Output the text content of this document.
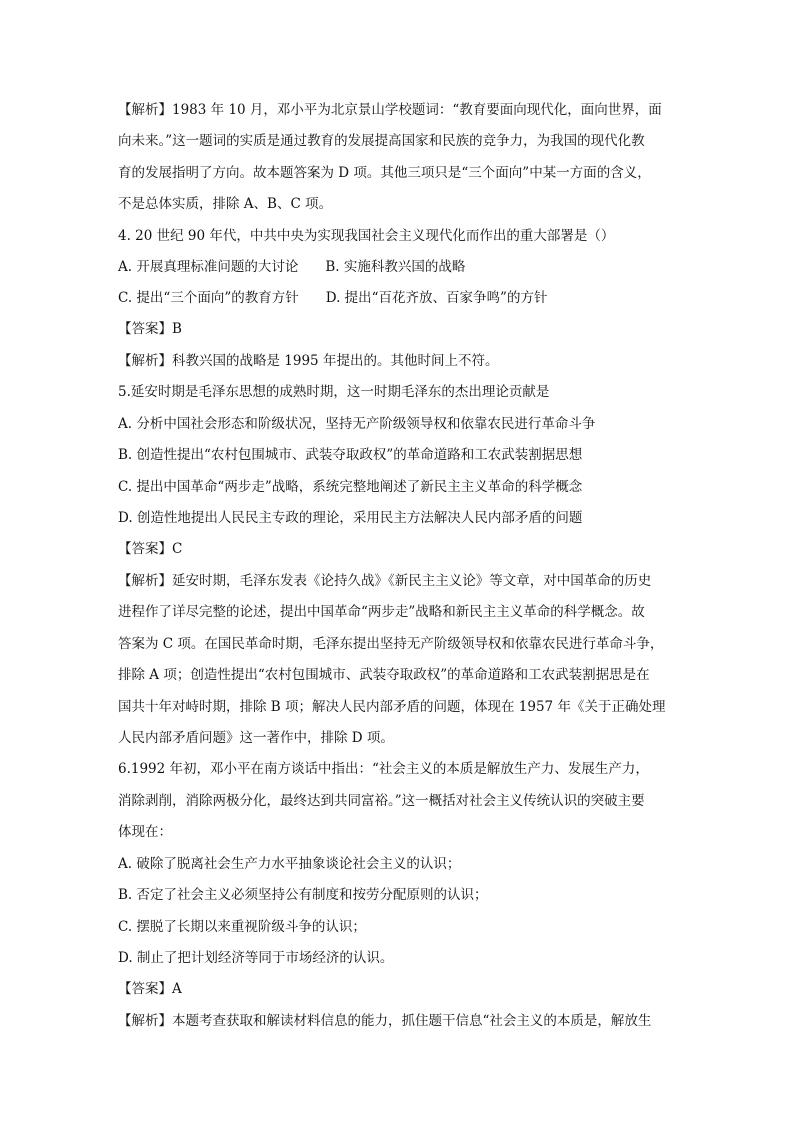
【解析】1983 年 10 月，邓小平为北京景山学校题词：“教育要面向现代化，面向世界，面
向未来。”这一题词的实质是通过教育的发展提高国家和民族的竞争力，为我国的现代化教
育的发展指明了方向。故本题答案为 D 项。其他三项只是“三个面向”中某一方面的含义，
不是总体实质，排除 A、B、C 项。
4. 20 世纪 90 年代，中共中央为实现我国社会主义现代化而作出的重大部署是（）
A. 开展真理标准问题的大讨论　　B. 实施科教兴国的战略
C. 提出“三个面向”的教育方针　　D. 提出“百花齐放、百家争鸣”的方针
【答案】B
【解析】科教兴国的战略是 1995 年提出的。其他时间上不符。
5.延安时期是毛泽东思想的成熟时期，这一时期毛泽东的杰出理论贡献是
A. 分析中国社会形态和阶级状况，坚持无产阶级领导权和依靠农民进行革命斗争
B. 创造性提出“农村包围城市、武装夺取政权”的革命道路和工农武装割据思想
C. 提出中国革命“两步走”战略，系统完整地阐述了新民主主义革命的科学概念
D. 创造性地提出人民民主专政的理论，采用民主方法解决人民内部矛盾的问题
【答案】C
【解析】延安时期，毛泽东发表《论持久战》《新民主主义论》等文章，对中国革命的历史
进程作了详尽完整的论述，提出中国革命“两步走”战略和新民主主义革命的科学概念。故
答案为 C 项。在国民革命时期，毛泽东提出坚持无产阶级领导权和依靠农民进行革命斗争，
排除 A 项；创造性提出“农村包围城市、武装夺取政权”的革命道路和工农武装割据思是在
国共十年对峙时期，排除 B 项；解决人民内部矛盾的问题，体现在 1957 年《关于正确处理
人民内部矛盾问题》这一著作中，排除 D 项。
6.1992 年初，邓小平在南方谈话中指出：“社会主义的本质是解放生产力、发展生产力，
消除剥削，消除两极分化，最终达到共同富裕。”这一概括对社会主义传统认识的突破主要
体现在：
A. 破除了脱离社会生产力水平抽象谈论社会主义的认识；
B. 否定了社会主义必须坚持公有制度和按劳分配原则的认识；
C. 摆脱了长期以来重视阶级斗争的认识；
D. 制止了把计划经济等同于市场经济的认识。
【答案】A
【解析】本题考查获取和解读材料信息的能力，抓住题干信息“社会主义的本质是，解放生
